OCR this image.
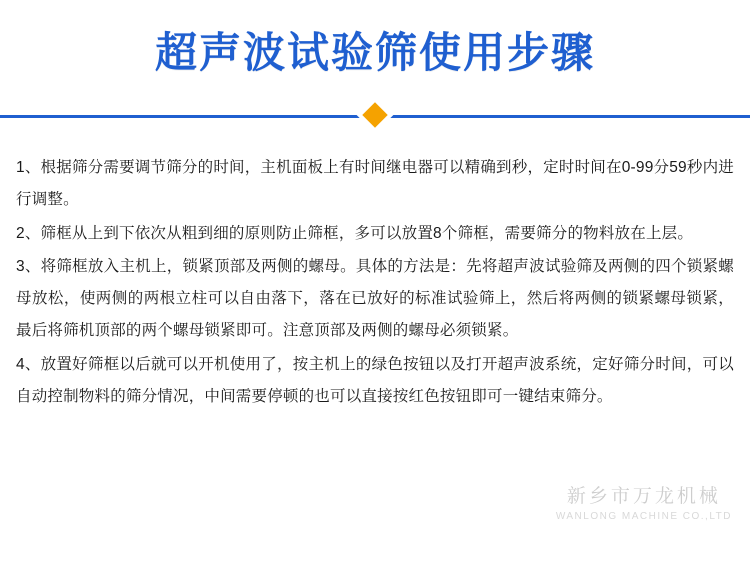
超声波试验筛使用步骤

1、根据筛分需要调节筛分的时间，主机面板上有时间继电器可以精确到秒，定时时间在0-99分59秒内进行调整。

2、筛框从上到下依次从粗到细的原则防止筛框，多可以放置8个筛框，需要筛分的物料放在上层。

3、将筛框放入主机上，锁紧顶部及两侧的螺母。具体的方法是：先将超声波试验筛及两侧的四个锁紧螺母放松，使两侧的两根立柱可以自由落下，落在已放好的标准试验筛上，然后将两侧的锁紧螺母锁紧，最后将筛机顶部的两个螺母锁紧即可。注意顶部及两侧的螺母必须锁紧。

4、放置好筛框以后就可以开机使用了，按主机上的绿色按钮以及打开超声波系统，定好筛分时间，可以自动控制物料的筛分情况，中间需要停顿的也可以直接按红色按钮即可一键结束筛分。

新乡市万龙机械
WANLONG MACHINE CO.,LTD
